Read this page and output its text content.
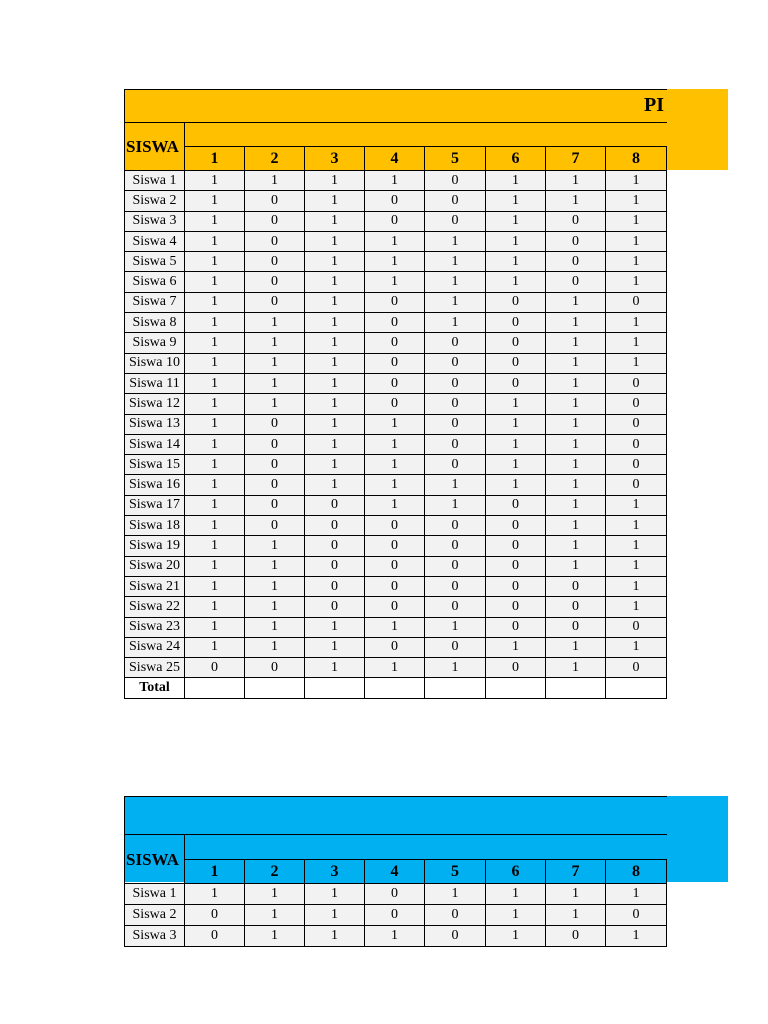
PI
SISWA	1	2	3	4	5	6	7	8
Siswa 1	1	1	1	1	0	1	1	1
Siswa 2	1	0	1	0	0	1	1	1
Siswa 3	1	0	1	0	0	1	0	1
Siswa 4	1	0	1	1	1	1	0	1
Siswa 5	1	0	1	1	1	1	0	1
Siswa 6	1	0	1	1	1	1	0	1
Siswa 7	1	0	1	0	1	0	1	0
Siswa 8	1	1	1	0	1	0	1	1
Siswa 9	1	1	1	0	0	0	1	1
Siswa 10	1	1	1	0	0	0	1	1
Siswa 11	1	1	1	0	0	0	1	0
Siswa 12	1	1	1	0	0	1	1	0
Siswa 13	1	0	1	1	0	1	1	0
Siswa 14	1	0	1	1	0	1	1	0
Siswa 15	1	0	1	1	0	1	1	0
Siswa 16	1	0	1	1	1	1	1	0
Siswa 17	1	0	0	1	1	0	1	1
Siswa 18	1	0	0	0	0	0	1	1
Siswa 19	1	1	0	0	0	0	1	1
Siswa 20	1	1	0	0	0	0	1	1
Siswa 21	1	1	0	0	0	0	0	1
Siswa 22	1	1	0	0	0	0	0	1
Siswa 23	1	1	1	1	1	0	0	0
Siswa 24	1	1	1	0	0	1	1	1
Siswa 25	0	0	1	1	1	0	1	0
Total								
SISWA	1	2	3	4	5	6	7	8
Siswa 1	1	1	1	0	1	1	1	1
Siswa 2	0	1	1	0	0	1	1	0
Siswa 3	0	1	1	1	0	1	0	1
